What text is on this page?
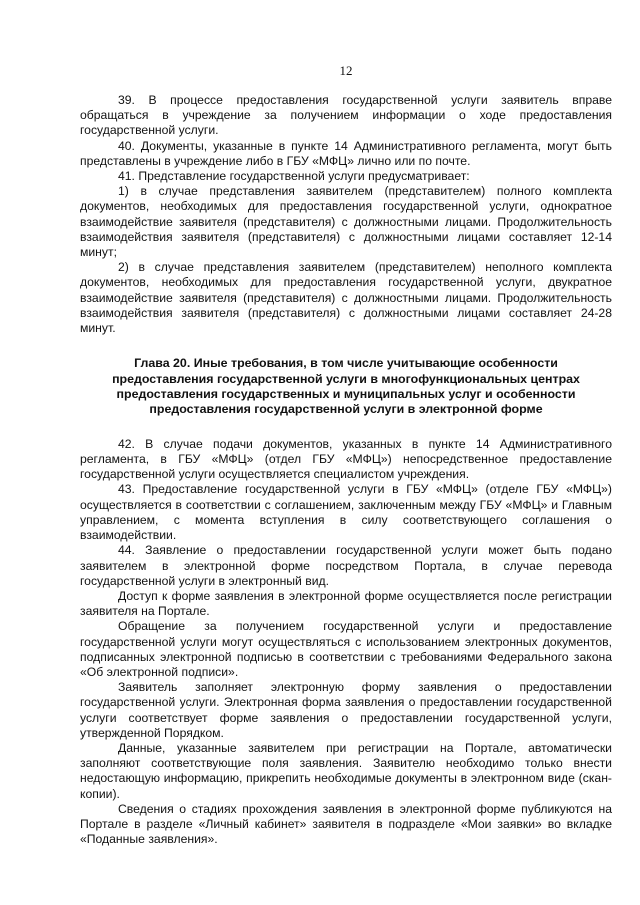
12

39. В процессе предоставления государственной услуги заявитель вправе обращаться в учреждение за получением информации о ходе предоставления государственной услуги.

40. Документы, указанные в пункте 14 Административного регламента, могут быть представлены в учреждение либо в ГБУ «МФЦ» лично или по почте.

41. Представление государственной услуги предусматривает:

1) в случае представления заявителем (представителем) полного комплекта документов, необходимых для предоставления государственной услуги, однократное взаимодействие заявителя (представителя) с должностными лицами. Продолжительность взаимодействия заявителя (представителя) с должностными лицами составляет 12-14 минут;

2) в случае представления заявителем (представителем) неполного комплекта документов, необходимых для предоставления государственной услуги, двукратное взаимодействие заявителя (представителя) с должностными лицами. Продолжительность взаимодействия заявителя (представителя) с должностными лицами составляет 24-28 минут.

Глава 20. Иные требования, в том числе учитывающие особенности
предоставления государственной услуги в многофункциональных центрах
предоставления государственных и муниципальных услуг и особенности
предоставления государственной услуги в электронной форме

42. В случае подачи документов, указанных в пункте 14 Административного регламента, в ГБУ «МФЦ» (отдел ГБУ «МФЦ») непосредственное предоставление государственной услуги осуществляется специалистом учреждения.

43. Предоставление государственной услуги в ГБУ «МФЦ» (отделе ГБУ «МФЦ») осуществляется в соответствии с соглашением, заключенным между ГБУ «МФЦ» и Главным управлением, с момента вступления в силу соответствующего соглашения о взаимодействии.

44. Заявление о предоставлении государственной услуги может быть подано заявителем в электронной форме посредством Портала, в случае перевода государственной услуги в электронный вид.

Доступ к форме заявления в электронной форме осуществляется после регистрации заявителя на Портале.

Обращение за получением государственной услуги и предоставление государственной услуги могут осуществляться с использованием электронных документов, подписанных электронной подписью в соответствии с требованиями Федерального закона «Об электронной подписи».

Заявитель заполняет электронную форму заявления о предоставлении государственной услуги. Электронная форма заявления о предоставлении государственной услуги соответствует форме заявления о предоставлении государственной услуги, утвержденной Порядком.

Данные, указанные заявителем при регистрации на Портале, автоматически заполняют соответствующие поля заявления. Заявителю необходимо только внести недостающую информацию, прикрепить необходимые документы в электронном виде (скан-копии).

Сведения о стадиях прохождения заявления в электронной форме публикуются на Портале в разделе «Личный кабинет» заявителя в подразделе «Мои заявки» во вкладке «Поданные заявления».
